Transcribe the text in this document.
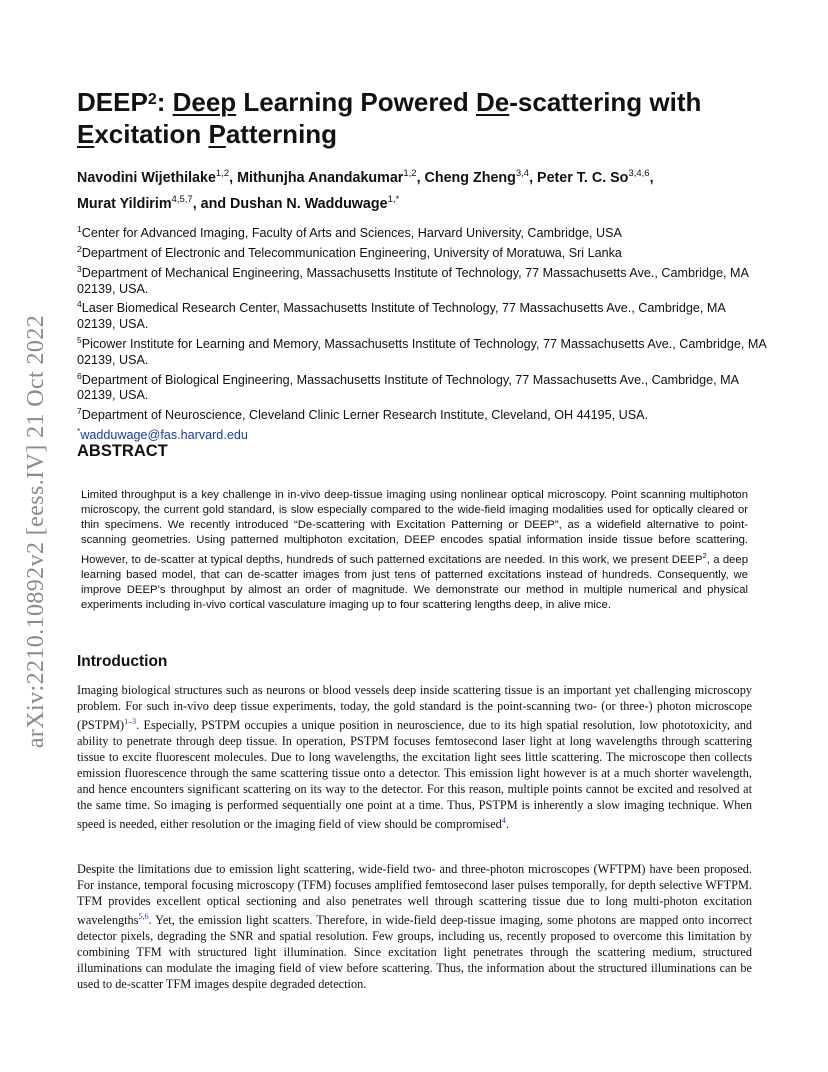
arXiv:2210.10892v2 [eess.IV] 21 Oct 2022
DEEP$^2$: Deep Learning Powered De-scattering with
Excitation Patterning

Navodini Wijethilake$^{1,2}$, Mithunjha Anandakumar$^{1,2}$, Cheng Zheng$^{3,4}$, Peter T. C. So$^{3,4,6}$,
Murat Yildirim$^{4,5,7}$, and Dushan N. Wadduwage$^{1,*}$

$^1$Center for Advanced Imaging, Faculty of Arts and Sciences, Harvard University, Cambridge, USA

$^2$Department of Electronic and Telecommunication Engineering, University of Moratuwa, Sri Lanka

$^3$Department of Mechanical Engineering, Massachusetts Institute of Technology, 77 Massachusetts Ave., Cambridge, MA 02139, USA.

$^4$Laser Biomedical Research Center, Massachusetts Institute of Technology, 77 Massachusetts Ave., Cambridge, MA 02139, USA.

$^5$Picower Institute for Learning and Memory, Massachusetts Institute of Technology, 77 Massachusetts Ave., Cambridge, MA 02139, USA.

$^6$Department of Biological Engineering, Massachusetts Institute of Technology, 77 Massachusetts Ave., Cambridge, MA 02139, USA.

$^7$Department of Neuroscience, Cleveland Clinic Lerner Research Institute, Cleveland, OH 44195, USA.

*wadduwage@fas.harvard.edu

ABSTRACT

Limited throughput is a key challenge in in-vivo deep-tissue imaging using nonlinear optical microscopy. Point scanning multiphoton microscopy, the current gold standard, is slow especially compared to the wide-field imaging modalities used for optically cleared or thin specimens. We recently introduced “De-scattering with Excitation Patterning or DEEP”, as a widefield alternative to point-scanning geometries. Using patterned multiphoton excitation, DEEP encodes spatial information inside tissue before scattering. However, to de-scatter at typical depths, hundreds of such patterned excitations are needed. In this work, we present DEEP$^2$, a deep learning based model, that can de-scatter images from just tens of patterned excitations instead of hundreds. Consequently, we improve DEEP’s throughput by almost an order of magnitude. We demonstrate our method in multiple numerical and physical experiments including in-vivo cortical vasculature imaging up to four scattering lengths deep, in alive mice.

Introduction

Imaging biological structures such as neurons or blood vessels deep inside scattering tissue is an important yet challenging microscopy problem. For such in-vivo deep tissue experiments, today, the gold standard is the point-scanning two- (or three-) photon microscope (PSTPM)$^{1-3}$. Especially, PSTPM occupies a unique position in neuroscience, due to its high spatial resolution, low phototoxicity, and ability to penetrate through deep tissue. In operation, PSTPM focuses femtosecond laser light at long wavelengths through scattering tissue to excite fluorescent molecules. Due to long wavelengths, the excitation light sees little scattering. The microscope then collects emission fluorescence through the same scattering tissue onto a detector. This emission light however is at a much shorter wavelength, and hence encounters significant scattering on its way to the detector. For this reason, multiple points cannot be excited and resolved at the same time. So imaging is performed sequentially one point at a time. Thus, PSTPM is inherently a slow imaging technique. When speed is needed, either resolution or the imaging field of view should be compromised$^4$.

Despite the limitations due to emission light scattering, wide-field two- and three-photon microscopes (WFTPM) have been proposed. For instance, temporal focusing microscopy (TFM) focuses amplified femtosecond laser pulses temporally, for depth selective WFTPM. TFM provides excellent optical sectioning and also penetrates well through scattering tissue due to long multi-photon excitation wavelengths$^{5,6}$. Yet, the emission light scatters. Therefore, in wide-field deep-tissue imaging, some photons are mapped onto incorrect detector pixels, degrading the SNR and spatial resolution. Few groups, including us, recently proposed to overcome this limitation by combining TFM with structured light illumination. Since excitation light penetrates through the scattering medium, structured illuminations can modulate the imaging field of view before scattering. Thus, the information about the structured illuminations can be used to de-scatter TFM images despite degraded detection.
